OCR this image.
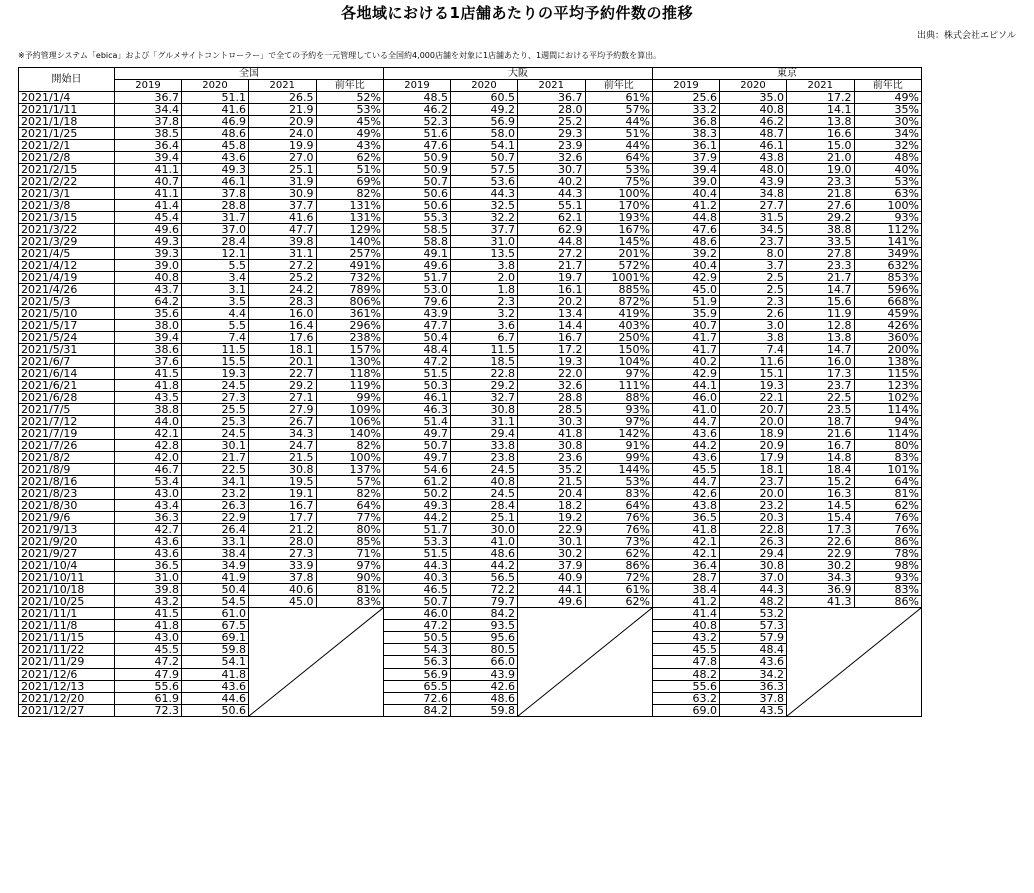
各地域における1店舗あたりの平均予約件数の推移
出典：株式会社エピソル
※予約管理システム「ebica」および「グルメサイトコントローラー」で全ての予約を一元管理している全国約4,000店舗を対象に1店舗あたり、1週間における平均予約数を算出。
開始日	全国				大阪				東京			
	2019	2020	2021	前年比	2019	2020	2021	前年比	2019	2020	2021	前年比
2021/1/4	36.7	51.1	26.5	52%	48.5	60.5	36.7	61%	25.6	35.0	17.2	49%
2021/1/11	34.4	41.6	21.9	53%	46.2	49.2	28.0	57%	33.2	40.8	14.1	35%
2021/1/18	37.8	46.9	20.9	45%	52.3	56.9	25.2	44%	36.8	46.2	13.8	30%
2021/1/25	38.5	48.6	24.0	49%	51.6	58.0	29.3	51%	38.3	48.7	16.6	34%
2021/2/1	36.4	45.8	19.9	43%	47.6	54.1	23.9	44%	36.1	46.1	15.0	32%
2021/2/8	39.4	43.6	27.0	62%	50.9	50.7	32.6	64%	37.9	43.8	21.0	48%
2021/2/15	41.1	49.3	25.1	51%	50.9	57.5	30.7	53%	39.4	48.0	19.0	40%
2021/2/22	40.7	46.1	31.9	69%	50.7	53.6	40.2	75%	39.0	43.9	23.3	53%
2021/3/1	41.1	37.8	30.9	82%	50.6	44.3	44.3	100%	40.4	34.8	21.8	63%
2021/3/8	41.4	28.8	37.7	131%	50.6	32.5	55.1	170%	41.2	27.7	27.6	100%
2021/3/15	45.4	31.7	41.6	131%	55.3	32.2	62.1	193%	44.8	31.5	29.2	93%
2021/3/22	49.6	37.0	47.7	129%	58.5	37.7	62.9	167%	47.6	34.5	38.8	112%
2021/3/29	49.3	28.4	39.8	140%	58.8	31.0	44.8	145%	48.6	23.7	33.5	141%
2021/4/5	39.3	12.1	31.1	257%	49.1	13.5	27.2	201%	39.2	8.0	27.8	349%
2021/4/12	39.0	5.5	27.2	491%	49.6	3.8	21.7	572%	40.4	3.7	23.3	632%
2021/4/19	40.8	3.4	25.2	732%	51.7	2.0	19.7	1001%	42.9	2.5	21.7	853%
2021/4/26	43.7	3.1	24.2	789%	53.0	1.8	16.1	885%	45.0	2.5	14.7	596%
2021/5/3	64.2	3.5	28.3	806%	79.6	2.3	20.2	872%	51.9	2.3	15.6	668%
2021/5/10	35.6	4.4	16.0	361%	43.9	3.2	13.4	419%	35.9	2.6	11.9	459%
2021/5/17	38.0	5.5	16.4	296%	47.7	3.6	14.4	403%	40.7	3.0	12.8	426%
2021/5/24	39.4	7.4	17.6	238%	50.4	6.7	16.7	250%	41.7	3.8	13.8	360%
2021/5/31	38.6	11.5	18.1	157%	48.4	11.5	17.2	150%	41.7	7.4	14.7	200%
2021/6/7	37.6	15.5	20.1	130%	47.2	18.5	19.3	104%	40.2	11.6	16.0	138%
2021/6/14	41.5	19.3	22.7	118%	51.5	22.8	22.0	97%	42.9	15.1	17.3	115%
2021/6/21	41.8	24.5	29.2	119%	50.3	29.2	32.6	111%	44.1	19.3	23.7	123%
2021/6/28	43.5	27.3	27.1	99%	46.1	32.7	28.8	88%	46.0	22.1	22.5	102%
2021/7/5	38.8	25.5	27.9	109%	46.3	30.8	28.5	93%	41.0	20.7	23.5	114%
2021/7/12	44.0	25.3	26.7	106%	51.4	31.1	30.3	97%	44.7	20.0	18.7	94%
2021/7/19	42.1	24.5	34.3	140%	49.7	29.4	41.8	142%	43.6	18.9	21.6	114%
2021/7/26	42.8	30.1	24.7	82%	50.7	33.8	30.8	91%	44.2	20.9	16.7	80%
2021/8/2	42.0	21.7	21.5	100%	49.7	23.8	23.6	99%	43.6	17.9	14.8	83%
2021/8/9	46.7	22.5	30.8	137%	54.6	24.5	35.2	144%	45.5	18.1	18.4	101%
2021/8/16	53.4	34.1	19.5	57%	61.2	40.8	21.5	53%	44.7	23.7	15.2	64%
2021/8/23	43.0	23.2	19.1	82%	50.2	24.5	20.4	83%	42.6	20.0	16.3	81%
2021/8/30	43.4	26.3	16.7	64%	49.3	28.4	18.2	64%	43.8	23.2	14.5	62%
2021/9/6	36.3	22.9	17.7	77%	44.2	25.1	19.2	76%	36.5	20.3	15.4	76%
2021/9/13	42.7	26.4	21.2	80%	51.7	30.0	22.9	76%	41.8	22.8	17.3	76%
2021/9/20	43.6	33.1	28.0	85%	53.3	41.0	30.1	73%	42.1	26.3	22.6	86%
2021/9/27	43.6	38.4	27.3	71%	51.5	48.6	30.2	62%	42.1	29.4	22.9	78%
2021/10/4	36.5	34.9	33.9	97%	44.3	44.2	37.9	86%	36.4	30.8	30.2	98%
2021/10/11	31.0	41.9	37.8	90%	40.3	56.5	40.9	72%	28.7	37.0	34.3	93%
2021/10/18	39.8	50.4	40.6	81%	46.5	72.2	44.1	61%	38.4	44.3	36.9	83%
2021/10/25	43.2	54.5	45.0	83%	50.7	79.7	49.6	62%	41.2	48.2	41.3	86%
2021/11/1	41.5	61.0			46.0	84.2			41.4	53.2	

2021/11/8	41.8	67.5			47.2	93.5			40.8	57.3		
2021/11/15	43.0	69.1			50.5	95.6			43.2	57.9		
2021/11/22	45.5	59.8			54.3	80.5			45.5	48.4		
2021/11/29	47.2	54.1			56.3	66.0			47.8	43.6		
2021/12/6	47.9	41.8			56.9	43.9			48.2	34.2		
2021/12/13	55.6	43.6			65.5	42.6			55.6	36.3		
2021/12/20	61.9	44.6			72.6	48.6			63.2	37.8		
2021/12/27	72.3	50.6			84.2	59.8			69.0	43.5		
